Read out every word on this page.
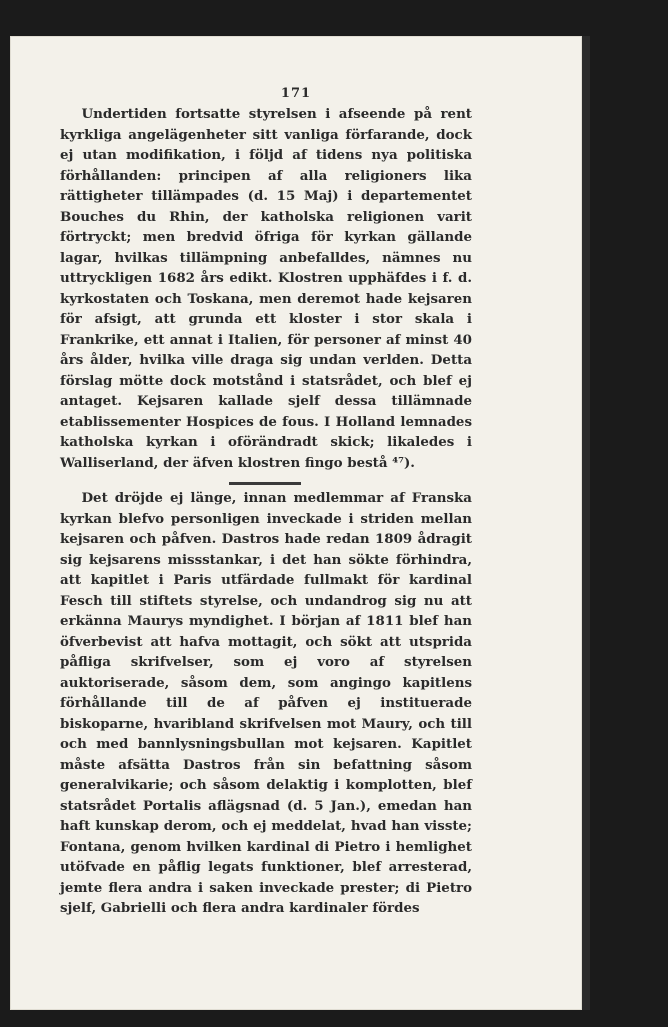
171

Undertiden fortsatte styrelsen i afseende på rent kyrkliga angelägenheter sitt vanliga förfarande, dock ej utan modifikation, i följd af tidens nya politiska förhållanden: principen af alla religioners lika rättigheter tillämpades (d. 15 Maj) i departementet Bouches du Rhin, der katholska religionen varit förtryckt; men bredvid öfriga för kyrkan gällande lagar, hvilkas tillämpning anbefalldes, nämnes nu uttryckligen 1682 års edikt. Klostren upphäfdes i f. d. kyrkostaten och Toskana, men deremot hade kejsaren för afsigt, att grunda ett kloster i stor skala i Frankrike, ett annat i Italien, för personer af minst 40 års ålder, hvilka ville draga sig undan verlden. Detta förslag mötte dock motstånd i statsrådet, och blef ej antaget. Kejsaren kallade sjelf dessa tillämnade etablissementer Hospices de fous. I Holland lemnades katholska kyrkan i oförändradt skick; likaledes i Walliserland, der äfven klostren fingo bestå ⁴⁷).

Det dröjde ej länge, innan medlemmar af Franska kyrkan blefvo personligen inveckade i striden mellan kejsaren och påfven. Dastros hade redan 1809 ådragit sig kejsarens missstankar, i det han sökte förhindra, att kapitlet i Paris utfärdade fullmakt för kardinal Fesch till stiftets styrelse, och undandrog sig nu att erkänna Maurys myndighet. I början af 1811 blef han öfverbevist att hafva mottagit, och sökt att utsprida påfliga skrifvelser, som ej voro af styrelsen auktoriserade, såsom dem, som angingo kapitlens förhållande till de af påfven ej instituerade biskoparne, hvaribland skrifvelsen mot Maury, och till och med bannlysningsbullan mot kejsaren. Kapitlet måste afsätta Dastros från sin befattning såsom generalvikarie; och såsom delaktig i komplotten, blef statsrådet Portalis aflägsnad (d. 5 Jan.), emedan han haft kunskap derom, och ej meddelat, hvad han visste; Fontana, genom hvilken kardinal di Pietro i hemlighet utöfvade en påflig legats funktioner, blef arresterad, jemte flera andra i saken inveckade prester; di Pietro sjelf, Gabrielli och flera andra kardinaler fördes
